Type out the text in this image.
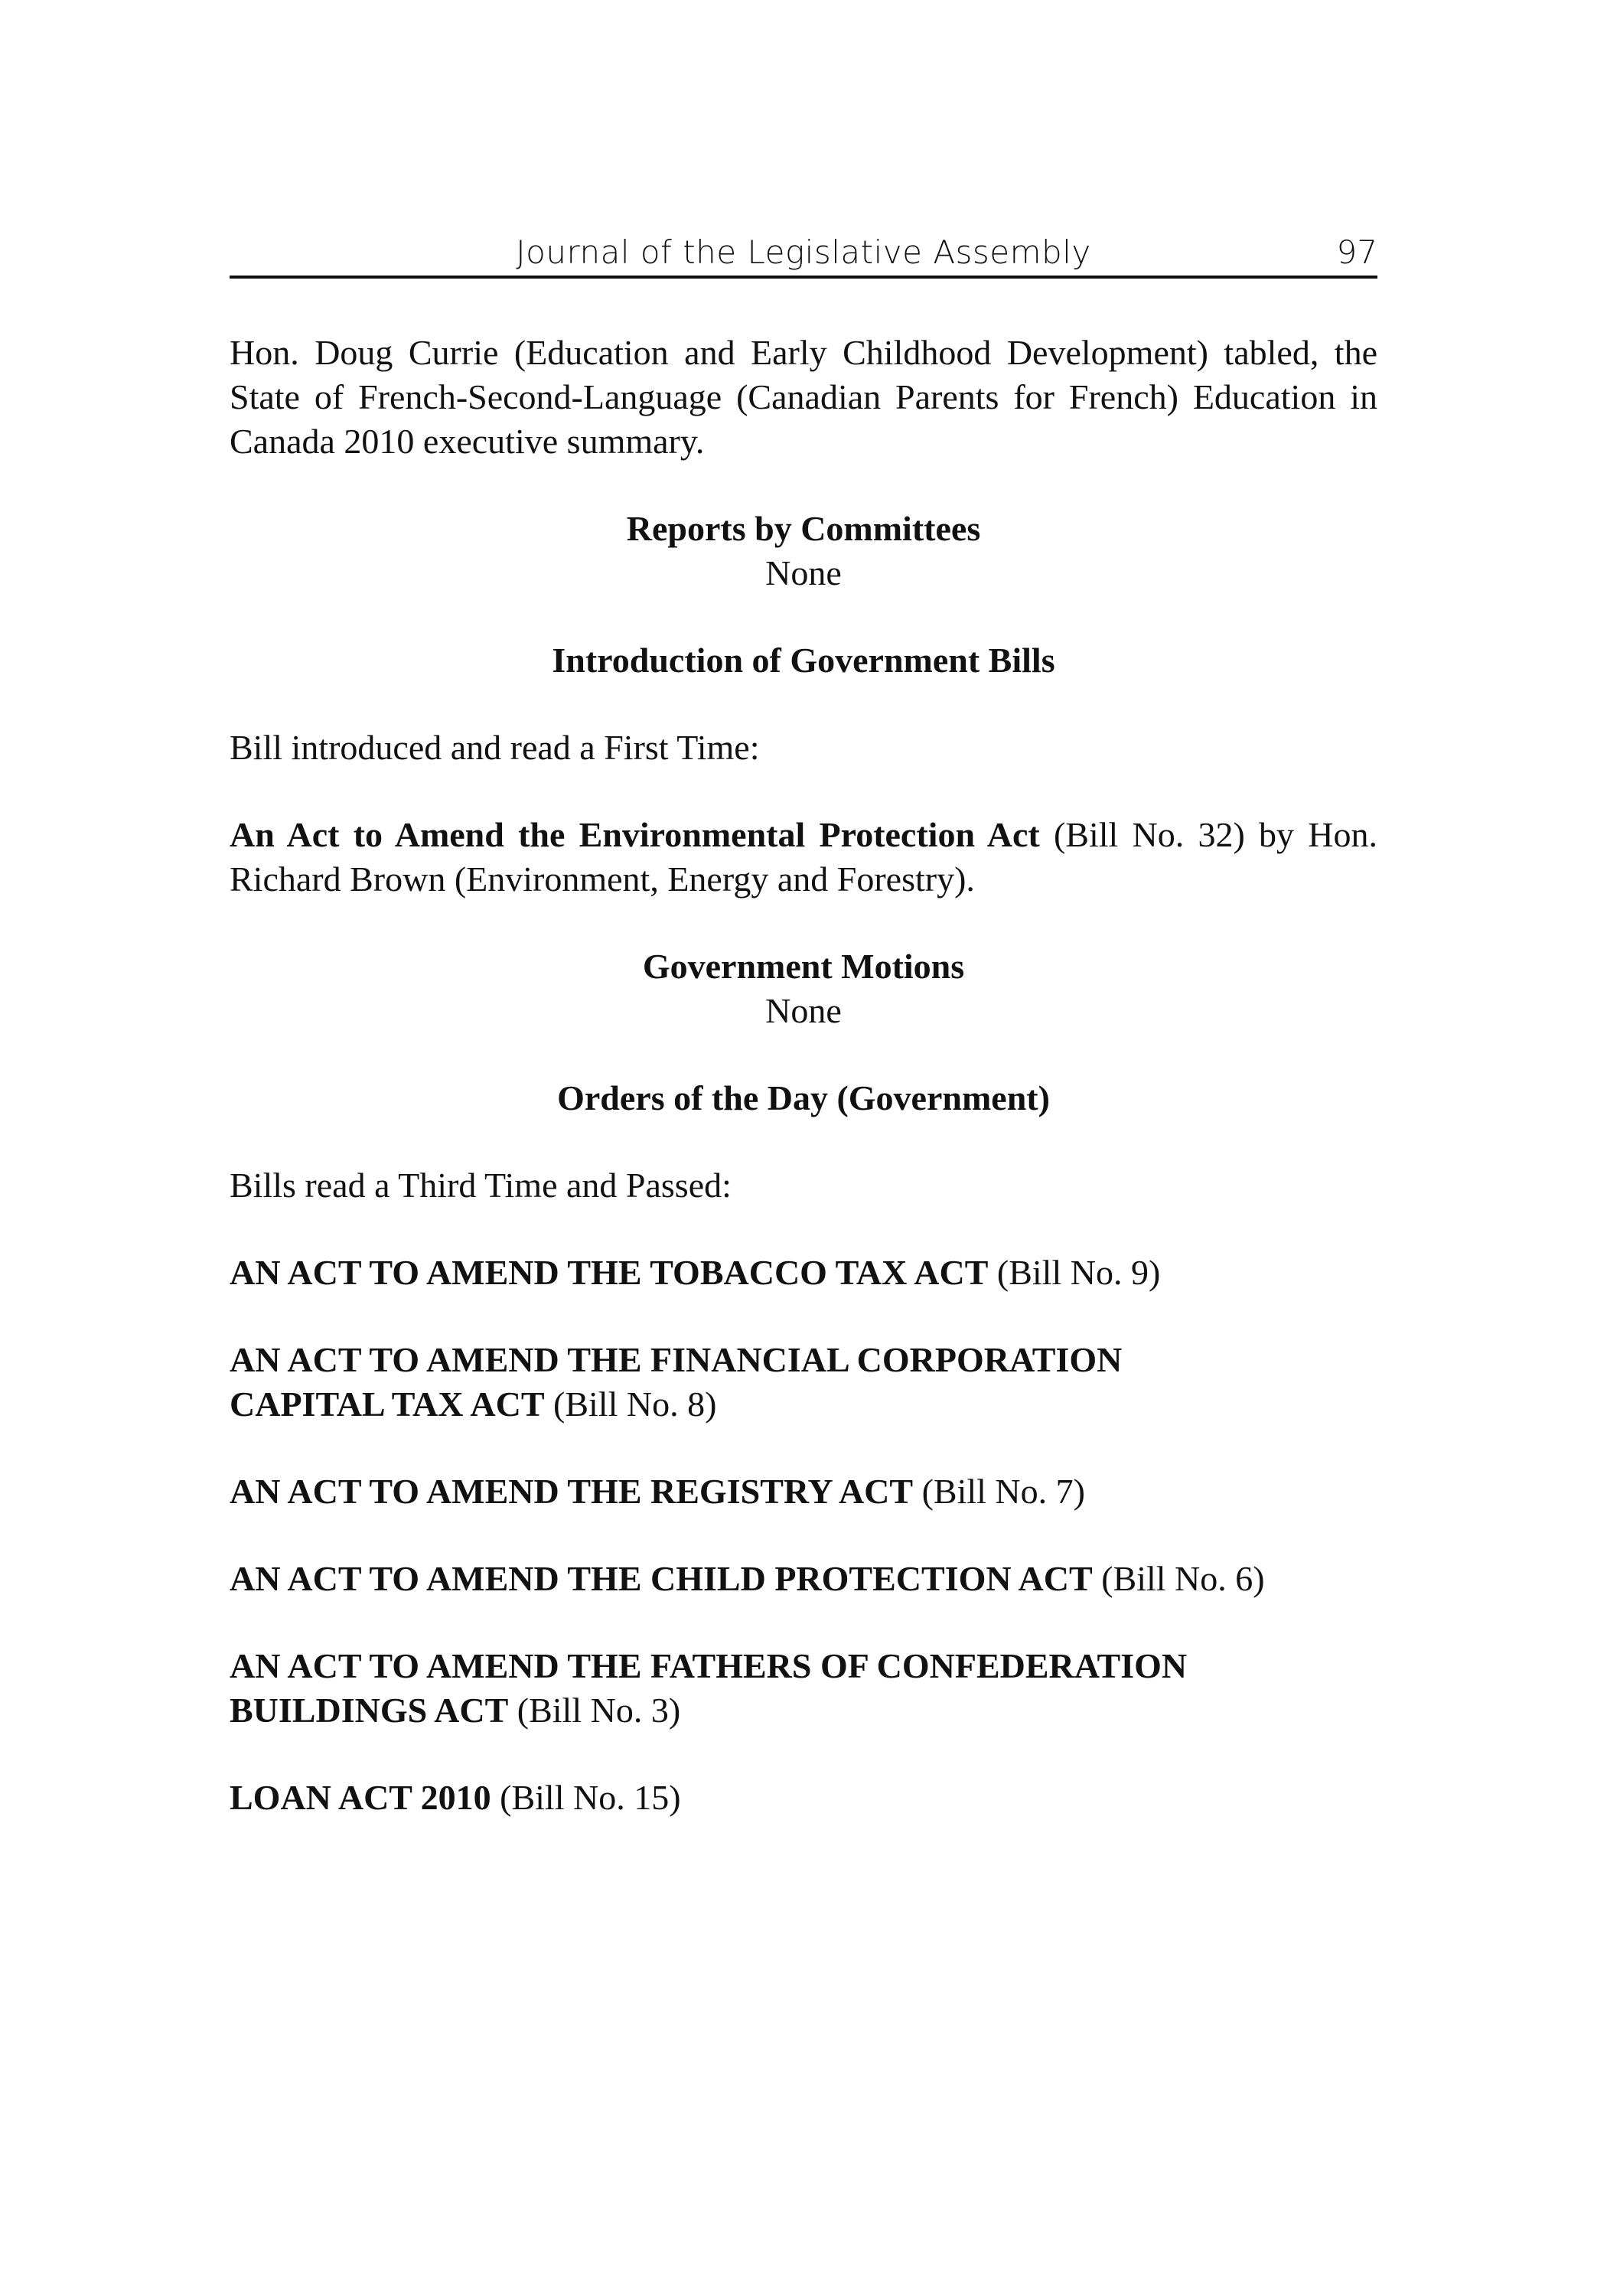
Journal of the Legislative Assembly	97

Hon. Doug Currie (Education and Early Childhood Development) tabled, the State of French-Second-Language (Canadian Parents for French) Education in Canada 2010 executive summary.

Reports by Committees
None
Introduction of Government Bills

Bill introduced and read a First Time:

An Act to Amend the Environmental Protection Act (Bill No. 32) by Hon. Richard Brown (Environment, Energy and Forestry).

Government Motions
None
Orders of the Day (Government)

Bills read a Third Time and Passed:

AN ACT TO AMEND THE TOBACCO TAX ACT (Bill No. 9)

AN ACT TO AMEND THE FINANCIAL CORPORATION
CAPITAL TAX ACT (Bill No. 8)

AN ACT TO AMEND THE REGISTRY ACT (Bill No. 7)

AN ACT TO AMEND THE CHILD PROTECTION ACT (Bill No. 6)

AN ACT TO AMEND THE FATHERS OF CONFEDERATION
BUILDINGS ACT (Bill No. 3)

LOAN ACT 2010 (Bill No. 15)
